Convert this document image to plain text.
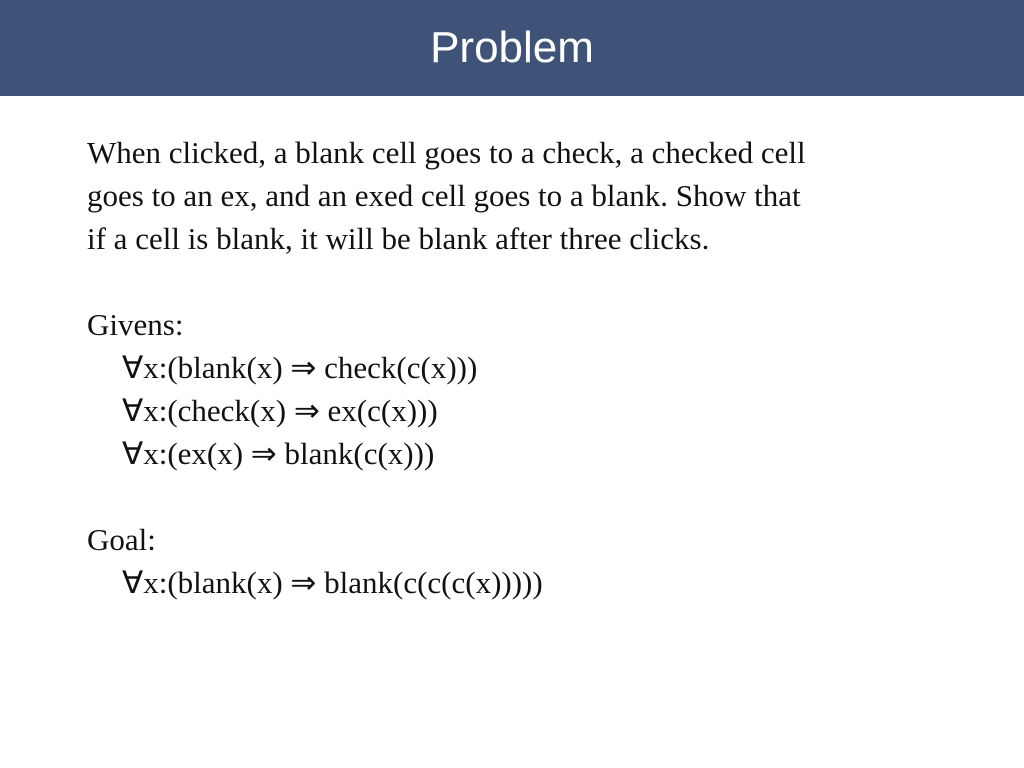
Problem
When clicked, a blank cell goes to a check, a checked cell
goes to an ex, and an exed cell goes to a blank. Show that
if a cell is blank, it will be blank after three clicks.
Givens:
∀x:(blank(x) ⇒ check(c(x)))
∀x:(check(x) ⇒ ex(c(x)))
∀x:(ex(x) ⇒ blank(c(x)))
Goal:
∀x:(blank(x) ⇒ blank(c(c(c(x)))))
